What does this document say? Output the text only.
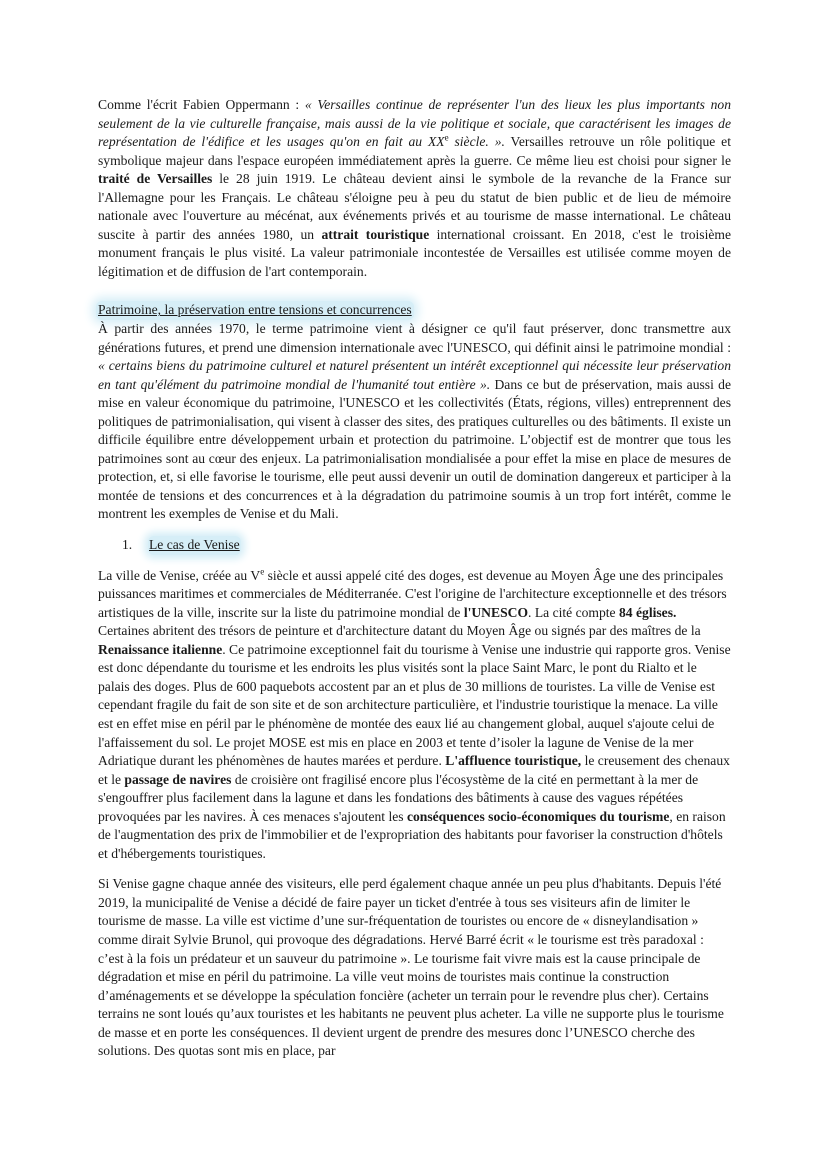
Comme l'écrit Fabien Oppermann : « Versailles continue de représenter l'un des lieux les plus importants non seulement de la vie culturelle française, mais aussi de la vie politique et sociale, que caractérisent les images de représentation de l'édifice et les usages qu'on en fait au XXe siècle. ». Versailles retrouve un rôle politique et symbolique majeur dans l'espace européen immédiatement après la guerre. Ce même lieu est choisi pour signer le traité de Versailles le 28 juin 1919. Le château devient ainsi le symbole de la revanche de la France sur l'Allemagne pour les Français. Le château s'éloigne peu à peu du statut de bien public et de lieu de mémoire nationale avec l'ouverture au mécénat, aux événements privés et au tourisme de masse international. Le château suscite à partir des années 1980, un attrait touristique international croissant. En 2018, c'est le troisième monument français le plus visité. La valeur patrimoniale incontestée de Versailles est utilisée comme moyen de légitimation et de diffusion de l'art contemporain.

Patrimoine, la préservation entre tensions et concurrences

À partir des années 1970, le terme patrimoine vient à désigner ce qu'il faut préserver, donc transmettre aux générations futures, et prend une dimension internationale avec l'UNESCO, qui définit ainsi le patrimoine mondial : « certains biens du patrimoine culturel et naturel présentent un intérêt exceptionnel qui nécessite leur préservation en tant qu'élément du patrimoine mondial de l'humanité tout entière ». Dans ce but de préservation, mais aussi de mise en valeur économique du patrimoine, l'UNESCO et les collectivités (États, régions, villes) entreprennent des politiques de patrimonialisation, qui visent à classer des sites, des pratiques culturelles ou des bâtiments. Il existe un difficile équilibre entre développement urbain et protection du patrimoine. L’objectif est de montrer que tous les patrimoines sont au cœur des enjeux. La patrimonialisation mondialisée a pour effet la mise en place de mesures de protection, et, si elle favorise le tourisme, elle peut aussi devenir un outil de domination dangereux et participer à la montée de tensions et des concurrences et à la dégradation du patrimoine soumis à un trop fort intérêt, comme le montrent les exemples de Venise et du Mali.

1. Le cas de Venise

La ville de Venise, créée au Ve siècle et aussi appelé cité des doges, est devenue au Moyen Âge une des principales puissances maritimes et commerciales de Méditerranée. C'est l'origine de l'architecture exceptionnelle et des trésors artistiques de la ville, inscrite sur la liste du patrimoine mondial de l'UNESCO. La cité compte 84 églises. Certaines abritent des trésors de peinture et d'architecture datant du Moyen Âge ou signés par des maîtres de la Renaissance italienne. Ce patrimoine exceptionnel fait du tourisme à Venise une industrie qui rapporte gros. Venise est donc dépendante du tourisme et les endroits les plus visités sont la place Saint Marc, le pont du Rialto et le palais des doges. Plus de 600 paquebots accostent par an et plus de 30 millions de touristes. La ville de Venise est cependant fragile du fait de son site et de son architecture particulière, et l'industrie touristique la menace. La ville est en effet mise en péril par le phénomène de montée des eaux lié au changement global, auquel s'ajoute celui de l'affaissement du sol. Le projet MOSE est mis en place en 2003 et tente d’isoler la lagune de Venise de la mer Adriatique durant les phénomènes de hautes marées et perdure. L'affluence touristique, le creusement des chenaux et le passage de navires de croisière ont fragilisé encore plus l'écosystème de la cité en permettant à la mer de s'engouffrer plus facilement dans la lagune et dans les fondations des bâtiments à cause des vagues répétées provoquées par les navires. À ces menaces s'ajoutent les conséquences socio-économiques du tourisme, en raison de l'augmentation des prix de l'immobilier et de l'expropriation des habitants pour favoriser la construction d'hôtels et d'hébergements touristiques.

Si Venise gagne chaque année des visiteurs, elle perd également chaque année un peu plus d'habitants. Depuis l'été 2019, la municipalité de Venise a décidé de faire payer un ticket d'entrée à tous ses visiteurs afin de limiter le tourisme de masse. La ville est victime d’une sur-fréquentation de touristes ou encore de « disneylandisation » comme dirait Sylvie Brunol, qui provoque des dégradations. Hervé Barré écrit « le tourisme est très paradoxal : c’est à la fois un prédateur et un sauveur du patrimoine ». Le tourisme fait vivre mais est la cause principale de dégradation et mise en péril du patrimoine. La ville veut moins de touristes mais continue la construction d’aménagements et se développe la spéculation foncière (acheter un terrain pour le revendre plus cher). Certains terrains ne sont loués qu’aux touristes et les habitants ne peuvent plus acheter. La ville ne supporte plus le tourisme de masse et en porte les conséquences. Il devient urgent de prendre des mesures donc l’UNESCO cherche des solutions. Des quotas sont mis en place, par
